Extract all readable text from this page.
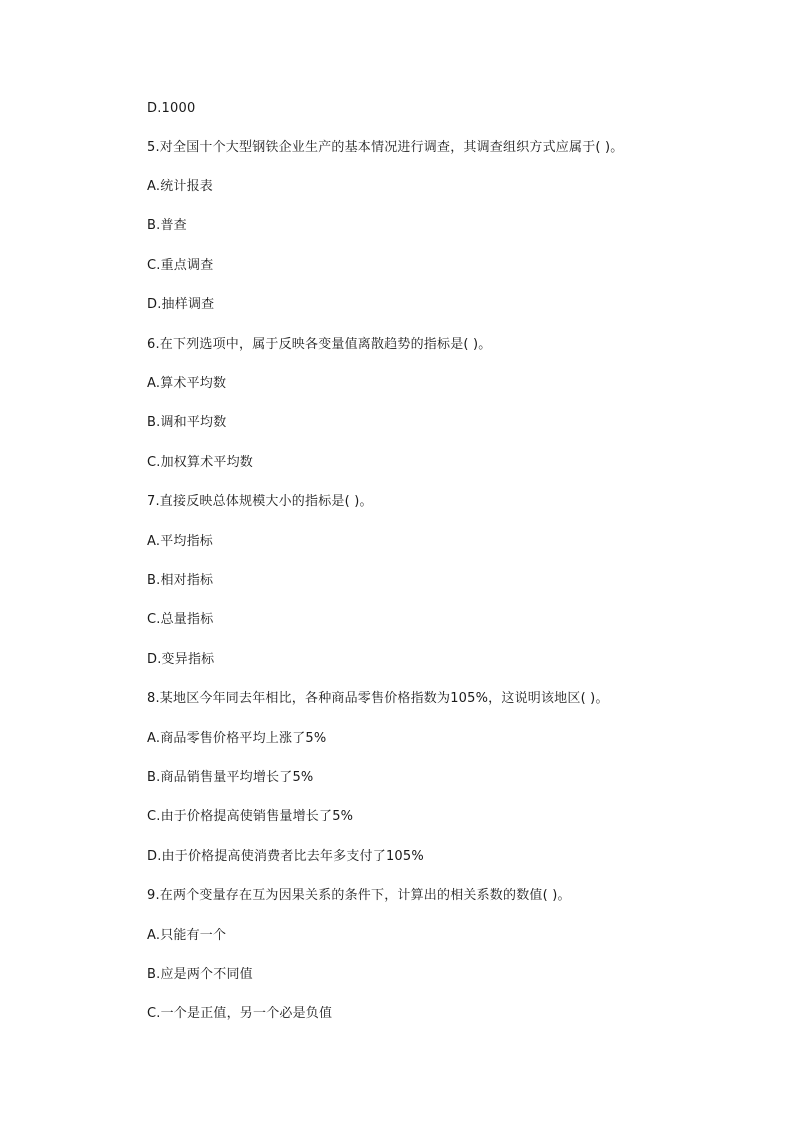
D.1000
5.对全国十个大型钢铁企业生产的基本情况进行调查，其调查组织方式应属于( )。
A.统计报表
B.普查
C.重点调查
D.抽样调查
6.在下列选项中，属于反映各变量值离散趋势的指标是( )。
A.算术平均数
B.调和平均数
C.加权算术平均数
7.直接反映总体规模大小的指标是( )。
A.平均指标
B.相对指标
C.总量指标
D.变异指标
8.某地区今年同去年相比，各种商品零售价格指数为105%，这说明该地区( )。
A.商品零售价格平均上涨了5%
B.商品销售量平均增长了5%
C.由于价格提高使销售量增长了5%
D.由于价格提高使消费者比去年多支付了105%
9.在两个变量存在互为因果关系的条件下，计算出的相关系数的数值( )。
A.只能有一个
B.应是两个不同值
C.一个是正值，另一个必是负值
